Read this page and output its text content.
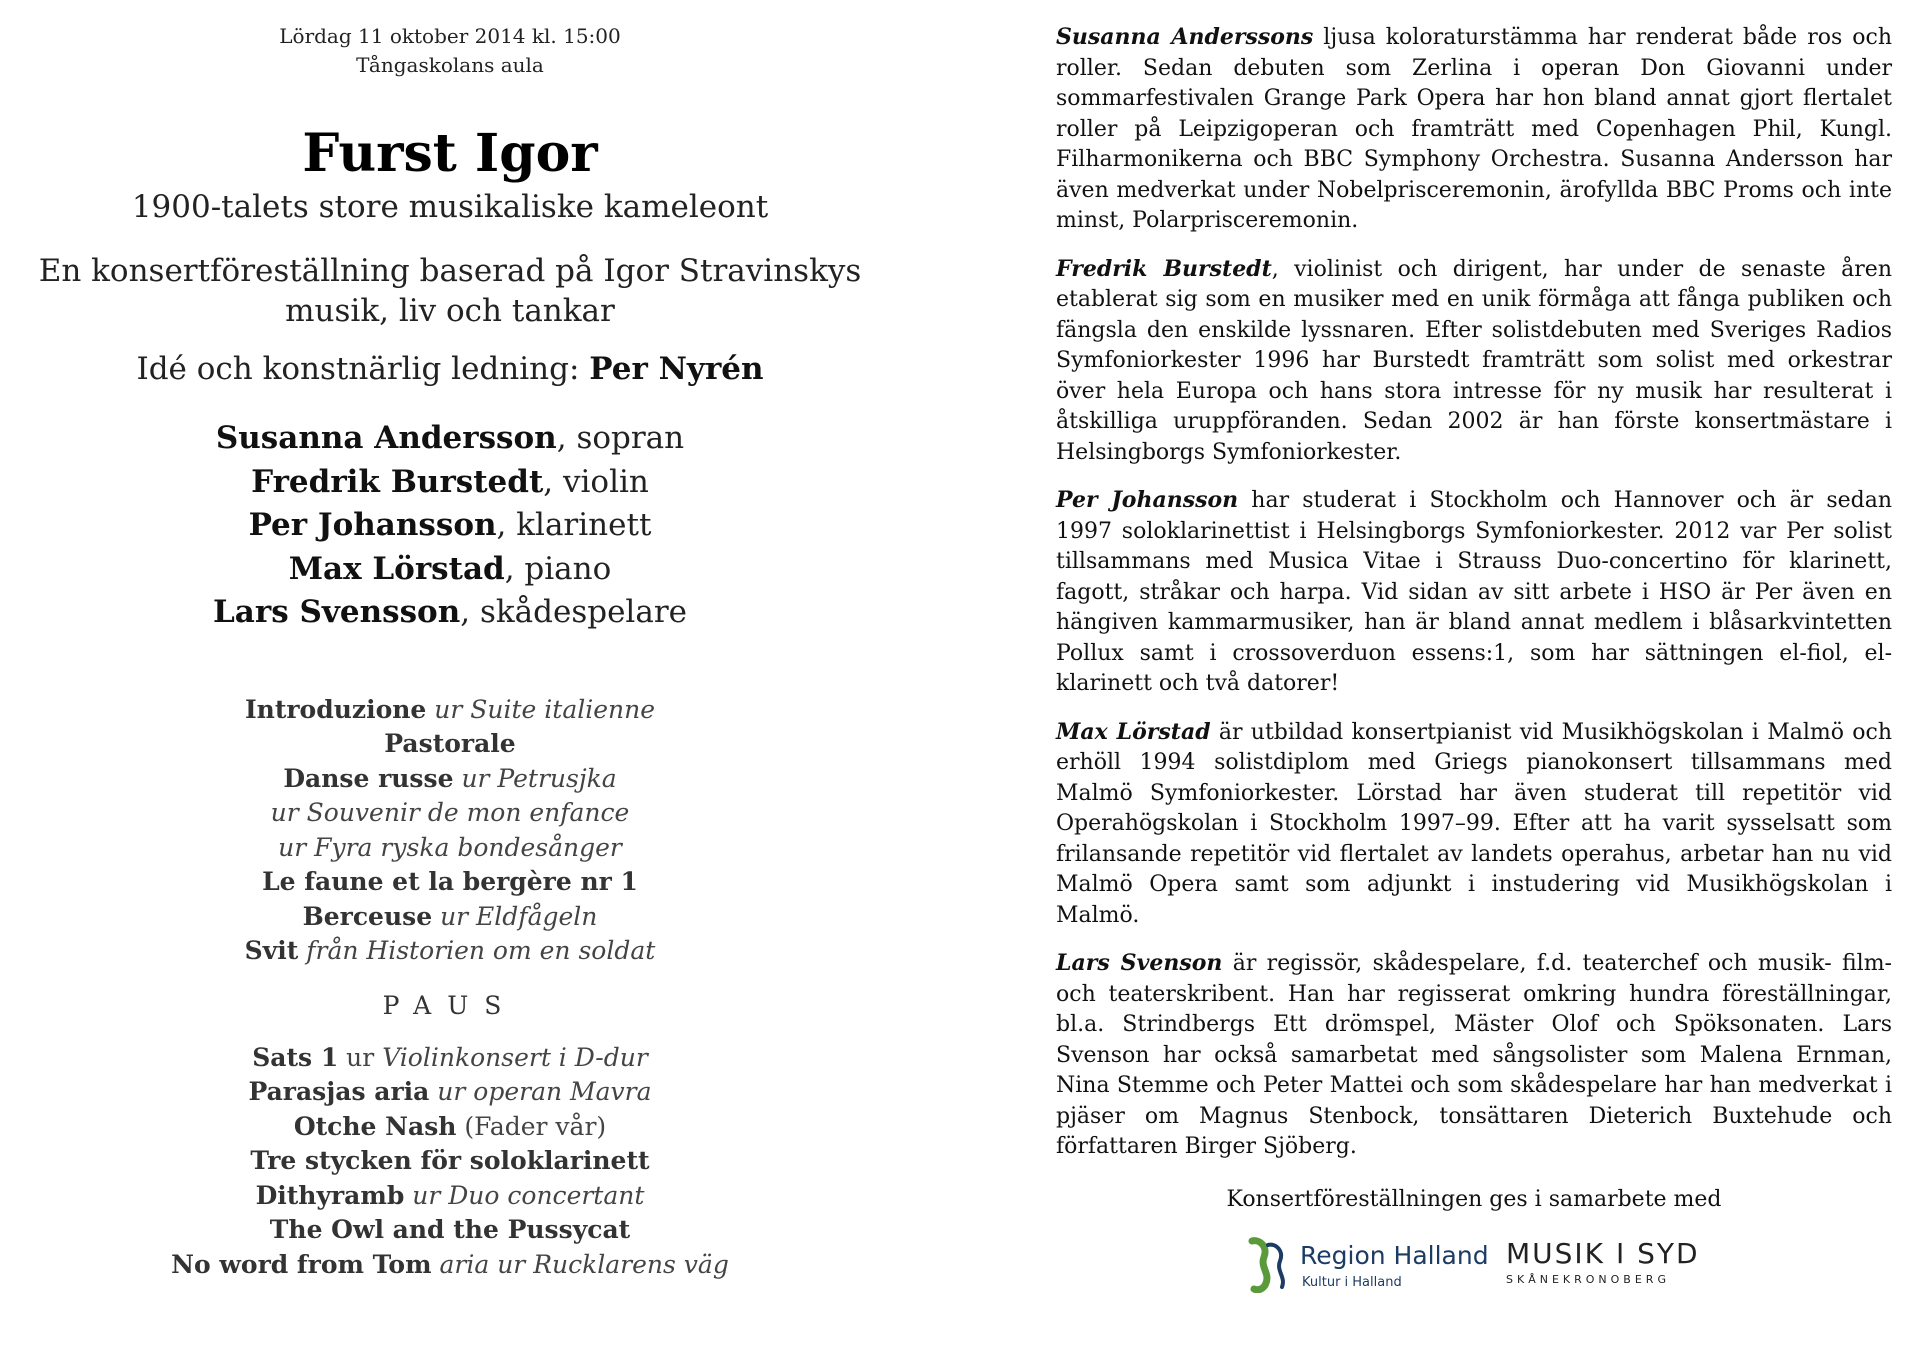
Lördag 11 oktober 2014 kl. 15:00
Tångaskolans aula
Furst Igor
1900-talets store musikaliske kameleont
En konsertföreställning baserad på Igor Stravinskys
musik, liv och tankar
Idé och konstnärlig ledning: Per Nyrén
Susanna Andersson, sopran
Fredrik Burstedt, violin
Per Johansson, klarinett
Max Lörstad, piano
Lars Svensson, skådespelare
Introduzione ur Suite italienne
Pastorale
Danse russe ur Petrusjka
ur Souvenir de mon enfance
ur Fyra ryska bondesånger
Le faune et la bergère nr 1
Berceuse ur Eldfågeln
Svit från Historien om en soldat
PAUS
Sats 1 ur Violinkonsert i D-dur
Parasjas aria ur operan Mavra
Otche Nash (Fader vår)
Tre stycken för soloklarinett
Dithyramb ur Duo concertant
The Owl and the Pussycat
No word from Tom aria ur Rucklarens väg

Susanna Anderssons ljusa koloraturstämma har renderat både ros och roller. Sedan debuten som Zerlina i operan Don Giovanni under sommarfestivalen Grange Park Opera har hon bland annat gjort flertalet roller på Leipzigoperan och framträtt med Copenhagen Phil, Kungl. Filharmonikerna och BBC Symphony Orchestra. Susanna Andersson har även medverkat under Nobelprisceremonin, ärofyllda BBC Proms och inte minst, Polarprisceremonin.

Fredrik Burstedt, violinist och dirigent, har under de senaste åren etablerat sig som en musiker med en unik förmåga att fånga publiken och fängsla den enskilde lyssnaren. Efter solistdebuten med Sveriges Radios Symfoniorkester 1996 har Burstedt framträtt som solist med orkestrar över hela Europa och hans stora intresse för ny musik har resulterat i åtskilliga uruppföranden. Sedan 2002 är han förste konsertmästare i Helsingborgs Symfoniorkester.

Per Johansson har studerat i Stockholm och Hannover och är sedan 1997 soloklarinettist i Helsingborgs Symfoniorkester. 2012 var Per solist tillsammans med Musica Vitae i Strauss Duo-concertino för klarinett, fagott, stråkar och harpa. Vid sidan av sitt arbete i HSO är Per även en hängiven kammarmusiker, han är bland annat medlem i blåsarkvintetten Pollux samt i crossoverduon essens:1, som har sättningen el-fiol, el-klarinett och två datorer!

Max Lörstad är utbildad konsertpianist vid Musikhögskolan i Malmö och erhöll 1994 solistdiplom med Griegs pianokonsert tillsammans med Malmö Symfoniorkester. Lörstad har även studerat till repetitör vid Operahögskolan i Stockholm 1997–99. Efter att ha varit sysselsatt som frilansande repetitör vid flertalet av landets operahus, arbetar han nu vid Malmö Opera samt som adjunkt i instudering vid Musikhögskolan i Malmö.

Lars Svenson är regissör, skådespelare, f.d. teaterchef och musik- film- och teaterskribent. Han har regisserat omkring hundra föreställningar, bl.a. Strindbergs Ett drömspel, Mäster Olof och Spöksonaten. Lars Svenson har också samarbetat med sångsolister som Malena Ernman, Nina Stemme och Peter Mattei och som skådespelare har han medverkat i pjäser om Magnus Stenbock, tonsättaren Dieterich Buxtehude och författaren Birger Sjöberg.

Konsertföreställningen ges i samarbete med
Region Halland
Kultur i Halland
MUSIK I SYD
SKÅNEKRONOBERG
